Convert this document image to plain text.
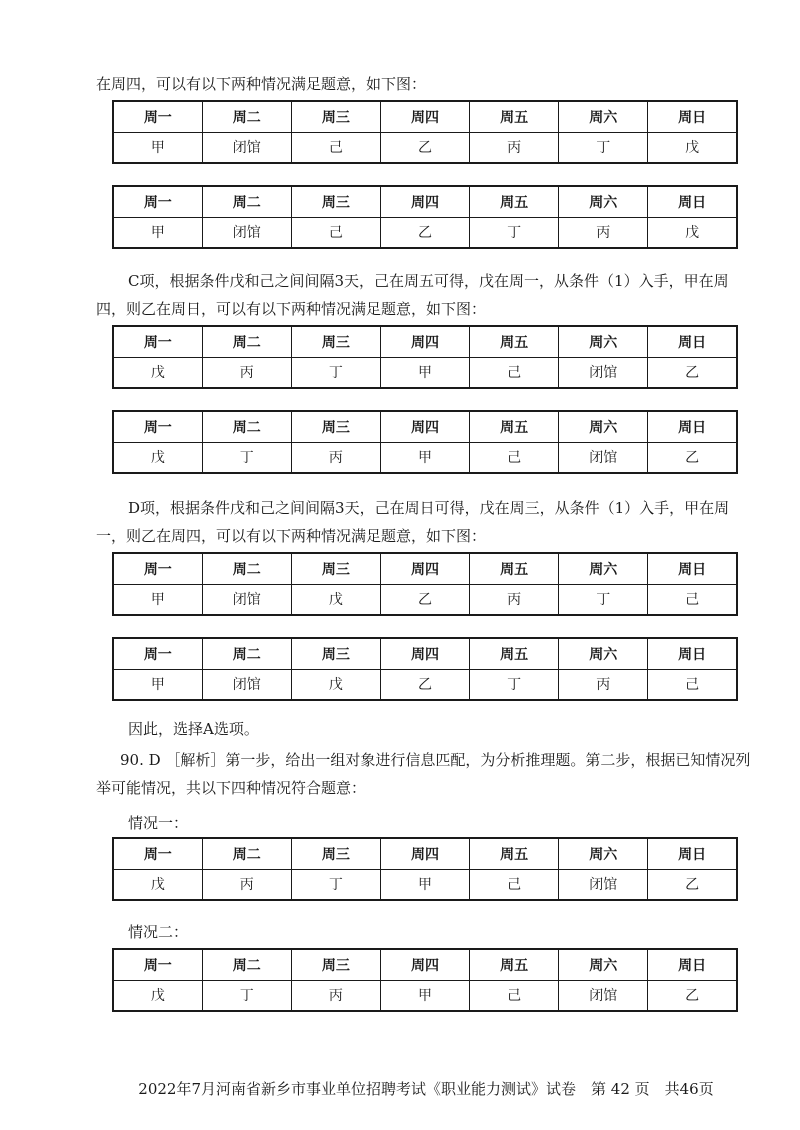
在周四，可以有以下两种情况满足题意，如下图：

周一	周二	周三	周四	周五	周六	周日
甲	闭馆	己	乙	丙	丁	戊
周一	周二	周三	周四	周五	周六	周日
甲	闭馆	己	乙	丁	丙	戊

C项，根据条件戊和己之间间隔3天，己在周五可得，戊在周一，从条件（1）入手，甲在周四，则乙在周日，可以有以下两种情况满足题意，如下图：

周一	周二	周三	周四	周五	周六	周日
戊	丙	丁	甲	己	闭馆	乙
周一	周二	周三	周四	周五	周六	周日
戊	丁	丙	甲	己	闭馆	乙

D项，根据条件戊和己之间间隔3天，己在周日可得，戊在周三，从条件（1）入手，甲在周一，则乙在周四，可以有以下两种情况满足题意，如下图：

周一	周二	周三	周四	周五	周六	周日
甲	闭馆	戊	乙	丙	丁	己
周一	周二	周三	周四	周五	周六	周日
甲	闭馆	戊	乙	丁	丙	己

因此，选择A选项。

90. D ［解析］第一步，给出一组对象进行信息匹配，为分析推理题。第二步，根据已知情况列举可能情况，共以下四种情况符合题意：

情况一：

周一	周二	周三	周四	周五	周六	周日
戊	丙	丁	甲	己	闭馆	乙

情况二：

周一	周二	周三	周四	周五	周六	周日
戊	丁	丙	甲	己	闭馆	乙
2022年7月河南省新乡市事业单位招聘考试《职业能力测试》试卷　第 42 页　共46页
